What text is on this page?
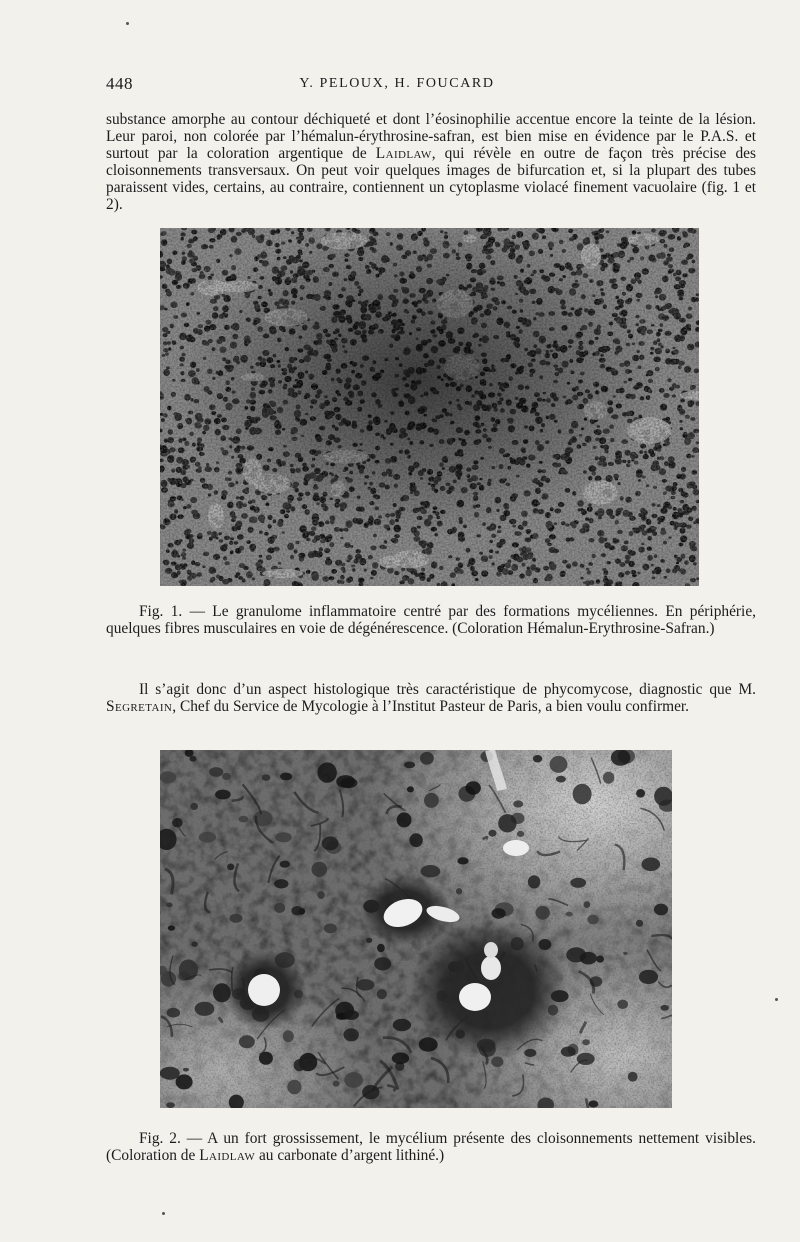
448	Y. PELOUX, H. FOUCARD

substance amorphe au contour déchiqueté et dont l’éosinophilie accentue encore la teinte de la lésion. Leur paroi, non colorée par l’hémalun-érythrosine-safran, est bien mise en évidence par le P.A.S. et surtout par la coloration argentique de Laidlaw, qui révèle en outre de façon très précise des cloisonnements transversaux. On peut voir quelques images de bifurcation et, si la plupart des tubes paraissent vides, certains, au contraire, contiennent un cytoplasme violacé finement vacuolaire (fig. 1 et 2).

Fig. 1. — Le granulome inflammatoire centré par des formations mycéliennes. En périphérie, quelques fibres musculaires en voie de dégénérescence. (Coloration Hémalun-Erythrosine-Safran.)

Il s’agit donc d’un aspect histologique très caractéristique de phycomycose, diagnostic que M. Segretain, Chef du Service de Mycologie à l’Institut Pasteur de Paris, a bien voulu confirmer.

Fig. 2. — A un fort grossissement, le mycélium présente des cloisonnements nettement visibles. (Coloration de Laidlaw au carbonate d’argent lithiné.)
